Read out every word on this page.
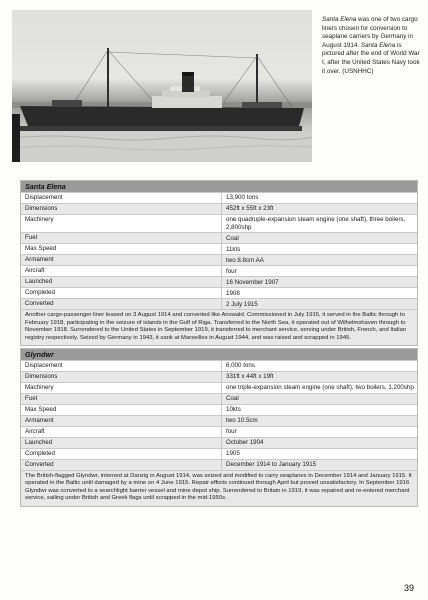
Santa Elena was one of two cargo liners chosen for conversion to seaplane carriers by Germany in August 1914. Santa Elena is pictured after the end of World War I, after the United States Navy took it over. (USNHHC)
Santa Elena
Displacement	13,900 tons
Dimensions	452ft x 55ft x 23ft
Machinery	one quadruple-expansion steam engine (one shaft), three boilers, 2,800shp
Fuel	Coal
Max Speed	11kts
Armament	two 8.8cm AA
Aircraft	four
Launched	16 November 1907
Completed	1908
Converted	2 July 1915
Another cargo-passenger liner leased on 3 August 1914 and converted like Answald. Commissioned in July 1915, it served in the Baltic through to February 1918, participating in the seizure of islands in the Gulf of Riga. Transferred to the North Sea, it operated out of Wilhelmshaven through to November 1918. Surrendered to the United States in September 1919, it transferred to merchant service, serving under British, French, and Italian registry respectively. Seized by Germany in 1943, it sank at Marseilles in August 1944, and was raised and scrapped in 1945.
Glyndwr
Displacement	6,000 tons
Dimensions	331ft x 44ft x 19ft
Machinery	one triple-expansion steam engine (one shaft), two boilers, 1,200shp
Fuel	Coal
Max Speed	10kts
Armament	two 10.5cm
Aircraft	four
Launched	October 1904
Completed	1905
Converted	December 1914 to January 1915
The British-flagged Glyndwr, interned at Danzig in August 1914, was seized and modified to carry seaplanes in December 1914 and January 1915. It operated in the Baltic until damaged by a mine on 4 June 1915. Repair efforts continued through April but proved unsatisfactory. In September 1916 Glyndwr was converted to a searchlight barrier vessel and mine depot ship. Surrendered to Britain in 1919, it was repaired and re-entered merchant service, sailing under British and Greek flags until scrapped in the mid-1950s.
39
